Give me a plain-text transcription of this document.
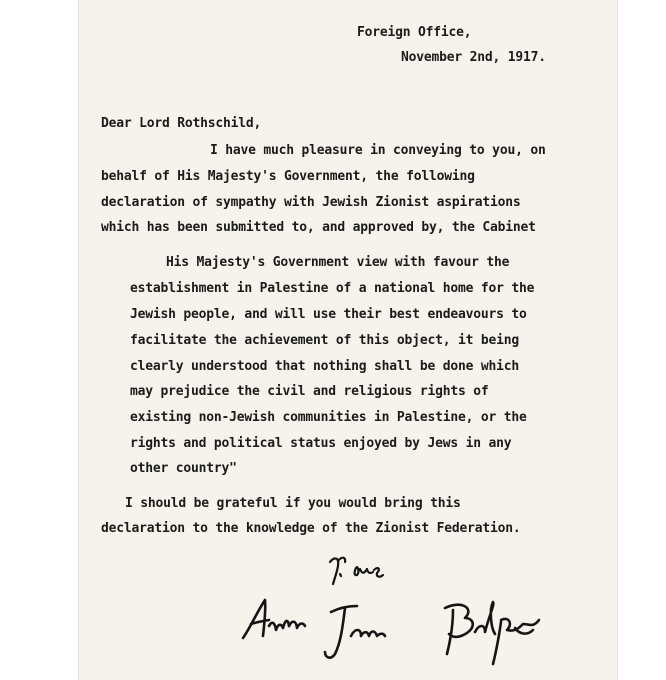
Foreign Office,

November 2nd, 1917.

Dear Lord Rothschild,

I have much pleasure in conveying to you, on

behalf of His Majesty's Government, the following

declaration of sympathy with Jewish Zionist aspirations

which has been submitted to, and approved by, the Cabinet

His Majesty's Government view with favour the

establishment in Palestine of a national home for the

Jewish people, and will use their best endeavours to

facilitate the achievement of this object, it being

clearly understood that nothing shall be done which

may prejudice the civil and religious rights of

existing non-Jewish communities in Palestine, or the

rights and political status enjoyed by Jews in any

other country"

I should be grateful if you would bring this

declaration to the knowledge of the Zionist Federation.
